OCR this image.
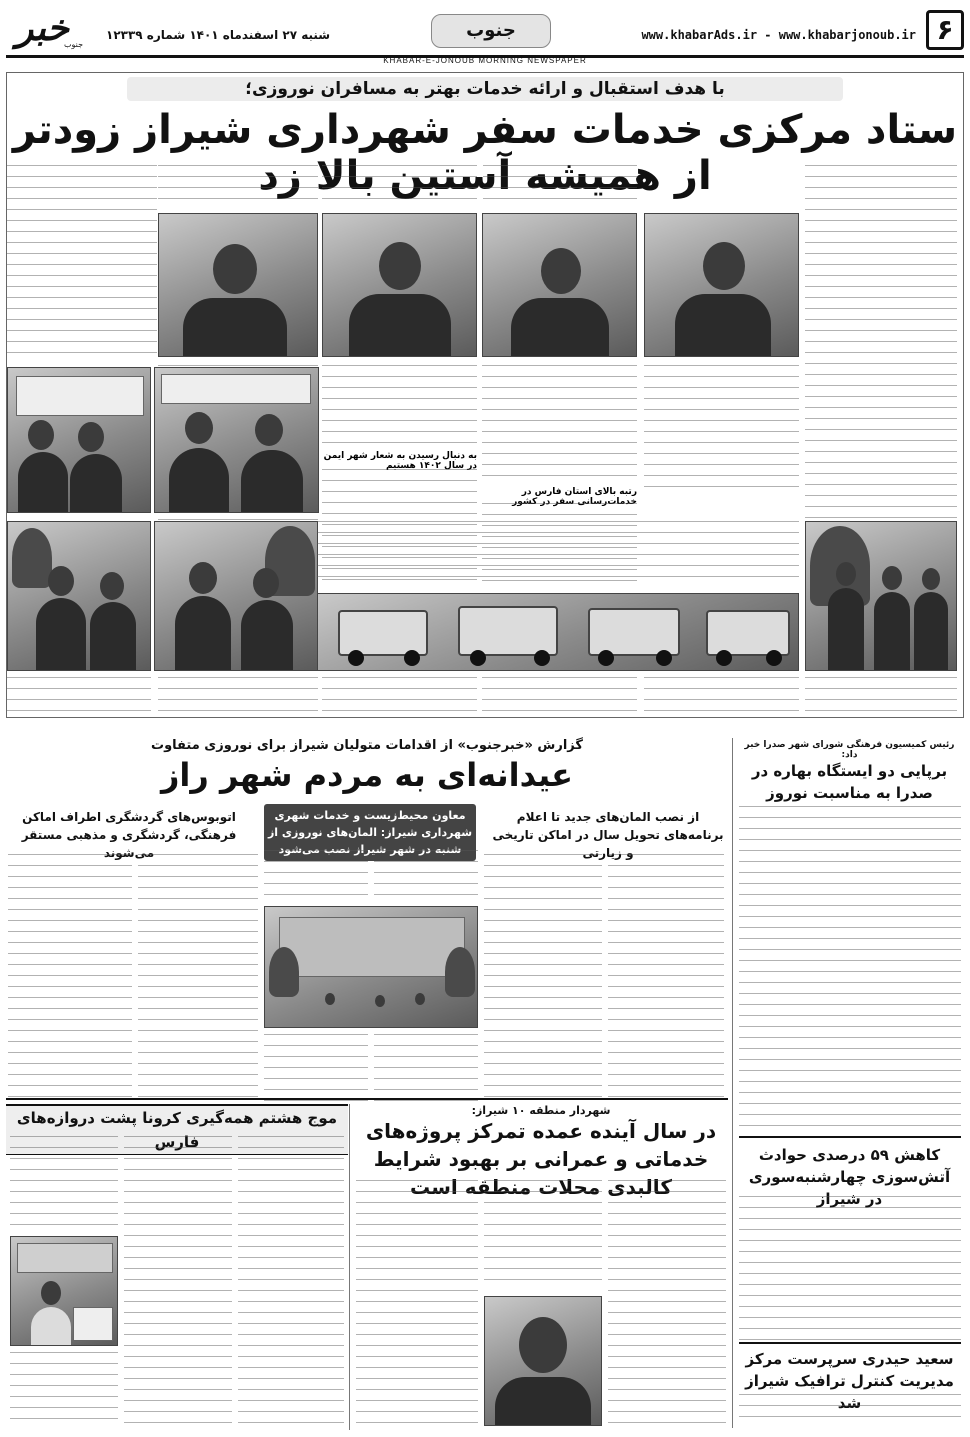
۶
www.khabarAds.ir - www.khabarjonoub.ir
جنوب
خبر
جنوب
شنبه ۲۷ اسفندماه ۱۴۰۱ شماره ۱۲۳۳۹
KHABAR-E-JONOUB MORNING NEWSPAPER
با هدف استقبال و ارائه خدمات بهتر به مسافران نوروزی؛
ستاد مرکزی خدمات سفر شهرداری شیراز زودتر از همیشه آستین بالا زد
رتبه بالای استان فارس در خدمات‌رسانی سفر در کشور
به دنبال رسیدن به شعار شهر ایمن در سال ۱۴۰۲ هستیم
گزارش «خبرجنوب» از اقدامات متولیان شیراز برای نوروزی متفاوت
عیدانه‌ای به مردم شهر راز
از نصب المان‌های جدید تا اعلام برنامه‌های تحویل سال در اماکن تاریخی و زیارتی
معاون محیط‌زیست و خدمات شهری شهرداری شیراز: المان‌های نوروزی از شنبه در شهر شیراز نصب می‌شود
اتوبوس‌های گردشگری اطراف اماکن فرهنگی، گردشگری و مذهبی مستقر می‌شوند
رئیس کمیسیون فرهنگی شورای شهر صدرا خبر داد:
برپایی دو ایستگاه بهاره در صدرا به مناسبت نوروز
کاهش ۵۹ درصدی حوادث آتش‌سوزی چهارشنبه‌سوری در شیراز
سعید حیدری سرپرست مرکز مدیریت کنترل ترافیک شیراز شد
شهردار منطقه ۱۰ شیراز:
در سال آینده عمده تمرکز پروژه‌های خدماتی و عمرانی بر بهبود شرایط کالبدی محلات منطقه است
موج هشتم همه‌گیری کرونا پشت دروازه‌های فارس
